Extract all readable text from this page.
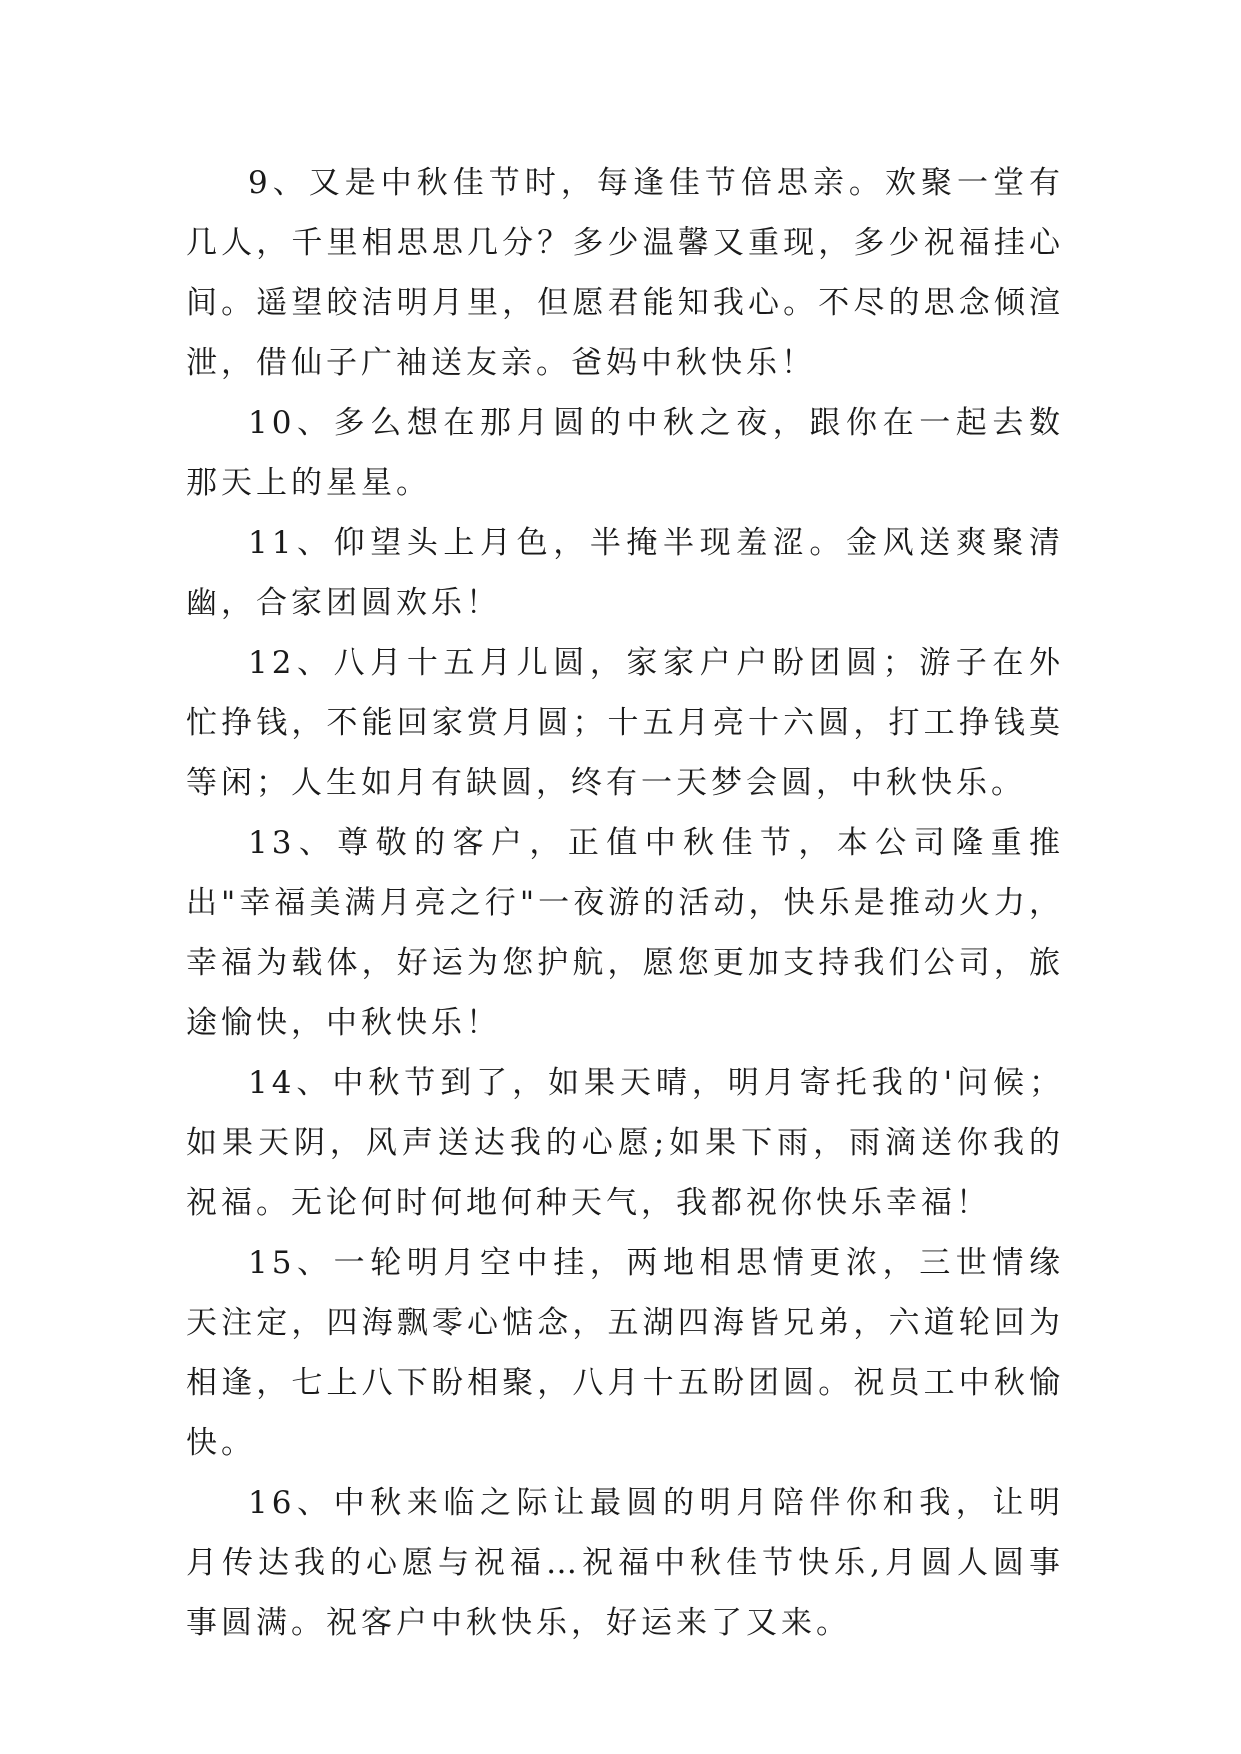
9、又是中秋佳节时，每逢佳节倍思亲。欢聚一堂有几人，千里相思思几分？多少温馨又重现，多少祝福挂心间。遥望皎洁明月里，但愿君能知我心。不尽的思念倾渲泄，借仙子广袖送友亲。爸妈中秋快乐！

10、多么想在那月圆的中秋之夜，跟你在一起去数那天上的星星。

11、仰望头上月色，半掩半现羞涩。金风送爽聚清幽，合家团圆欢乐！

12、八月十五月儿圆，家家户户盼团圆；游子在外忙挣钱，不能回家赏月圆；十五月亮十六圆，打工挣钱莫等闲；人生如月有缺圆，终有一天梦会圆，中秋快乐。

13、尊敬的客户，正值中秋佳节，本公司隆重推出"幸福美满月亮之行"一夜游的活动，快乐是推动火力，幸福为载体，好运为您护航，愿您更加支持我们公司，旅途愉快，中秋快乐！

14、中秋节到了，如果天晴，明月寄托我的'问候；如果天阴，风声送达我的心愿;如果下雨，雨滴送你我的祝福。无论何时何地何种天气，我都祝你快乐幸福！

15、一轮明月空中挂，两地相思情更浓，三世情缘天注定，四海飘零心惦念，五湖四海皆兄弟，六道轮回为相逢，七上八下盼相聚，八月十五盼团圆。祝员工中秋愉快。

16、中秋来临之际让最圆的明月陪伴你和我，让明月传达我的心愿与祝福…祝福中秋佳节快乐,月圆人圆事事圆满。祝客户中秋快乐，好运来了又来。
